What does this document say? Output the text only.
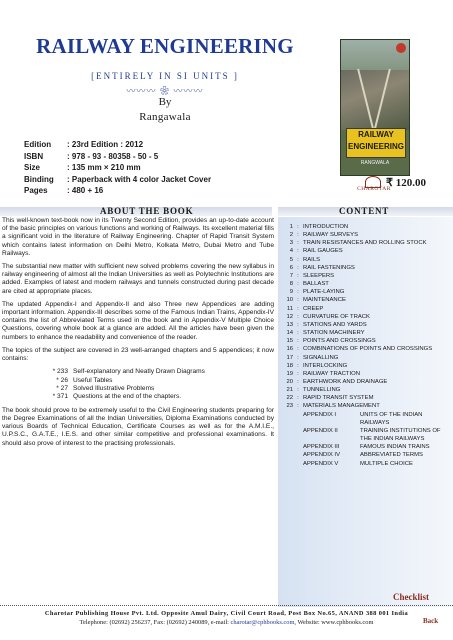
RAILWAY ENGINEERING
[ENTIRELY IN SI UNITS ]
〰〰〰 ❀ 〰〰〰
By
Rangawala
Edition	: 23rd Edition : 2012
ISBN	: 978 - 93 - 80358 - 50 - 5
Size	: 135 mm × 210 mm
Binding	: Paperback with 4 color Jacket Cover
Pages	: 480 + 16
RAILWAY
ENGINEERING
RANGWALA
CHAROTAR
₹ 120.00
ABOUT THE BOOK	CONTENT

This well-known text-book now in its Twenty Second Edition, provides an up-to-date account of the basic principles on various functions and working of Railways. Its excellent material fills a significant void in the literature of Railway Engineering. Chapter of Rapid Transit System which contains latest information on Delhi Metro, Kolkata Metro, Dubai Metro and Tube Railways.

The substantial new matter with sufficient new solved problems covering the new syllabus in railway engineering of almost all the Indian Universities as well as Polytechnic Institutions are added. Examples of latest and modern railways and tunnels constructed during past decade are cited at appropriate places.

The updated Appendix-I and Appendix-II and also Three new Appendices are adding important information. Appendix-III describes some of the Famous Indian Trains, Appendix-IV contains the list of Abbreviated Terms used in the book and in Appendix-V Multiple Choice Questions, covering whole book at a glance are added. All the articles have been given the numbers to enhance the readability and convenience of the reader.

The topics of the subject are covered in 23 well-arranged chapters and 5 appendices; it now contains:

* 233 Self-explanatory and Neatly Drawn Diagrams
* 26 Useful Tables
* 27 Solved Illustrative Problems
* 371 Questions at the end of the chapters.

The book should prove to be extremely useful to the Civil Engineering students preparing for the Degree Examinations of all the Indian Universities, Diploma Examinations conducted by various Boards of Technical Education, Certificate Courses as well as for the A.M.I.E., U.P.S.C., G.A.T.E., I.E.S. and other similar competitive and professional examinations. It should also prove of interest to the practising professionals.

1 : INTRODUCTION
2 : RAILWAY SURVEYS
3 : TRAIN RESISTANCES AND ROLLING STOCK
4 : RAIL GAUGES
5 : RAILS
6 : RAIL FASTENINGS
7 : SLEEPERS
8 : BALLAST
9 : PLATE-LAYING
10 : MAINTENANCE
11 : CREEP
12 : CURVATURE OF TRACK
13 : STATIONS AND YARDS
14 : STATION MACHINERY
15 : POINTS AND CROSSINGS
16 : COMBINATIONS OF POINTS AND CROSSINGS
17 : SIGNALLING
18 : INTERLOCKING
19 : RAILWAY TRACTION
20 : EARTHWORK AND DRAINAGE
21 : TUNNELLING
22 : RAPID TRANSIT SYSTEM
23 : MATERIALS MANAGEMENT
APPENDIX I	UNITS OF THE INDIAN RAILWAYS
APPENDIX II	TRAINING INSTITUTIONS OF THE INDIAN RAILWAYS
APPENDIX III	FAMOUS INDIAN TRAINS
APPENDIX IV	ABBREVIATED TERMS
APPENDIX V	MULTIPLE CHOICE
Checklist
Charotar Publishing House Pvt. Ltd. Opposite Amul Dairy, Civil Court Road, Post Box No.65, ANAND 388 001 India
Telephone: (02692) 256237, Fax: (02692) 240089, e-mail: charotar@cphbooks.com, Website: www.cphbooks.com	Back
